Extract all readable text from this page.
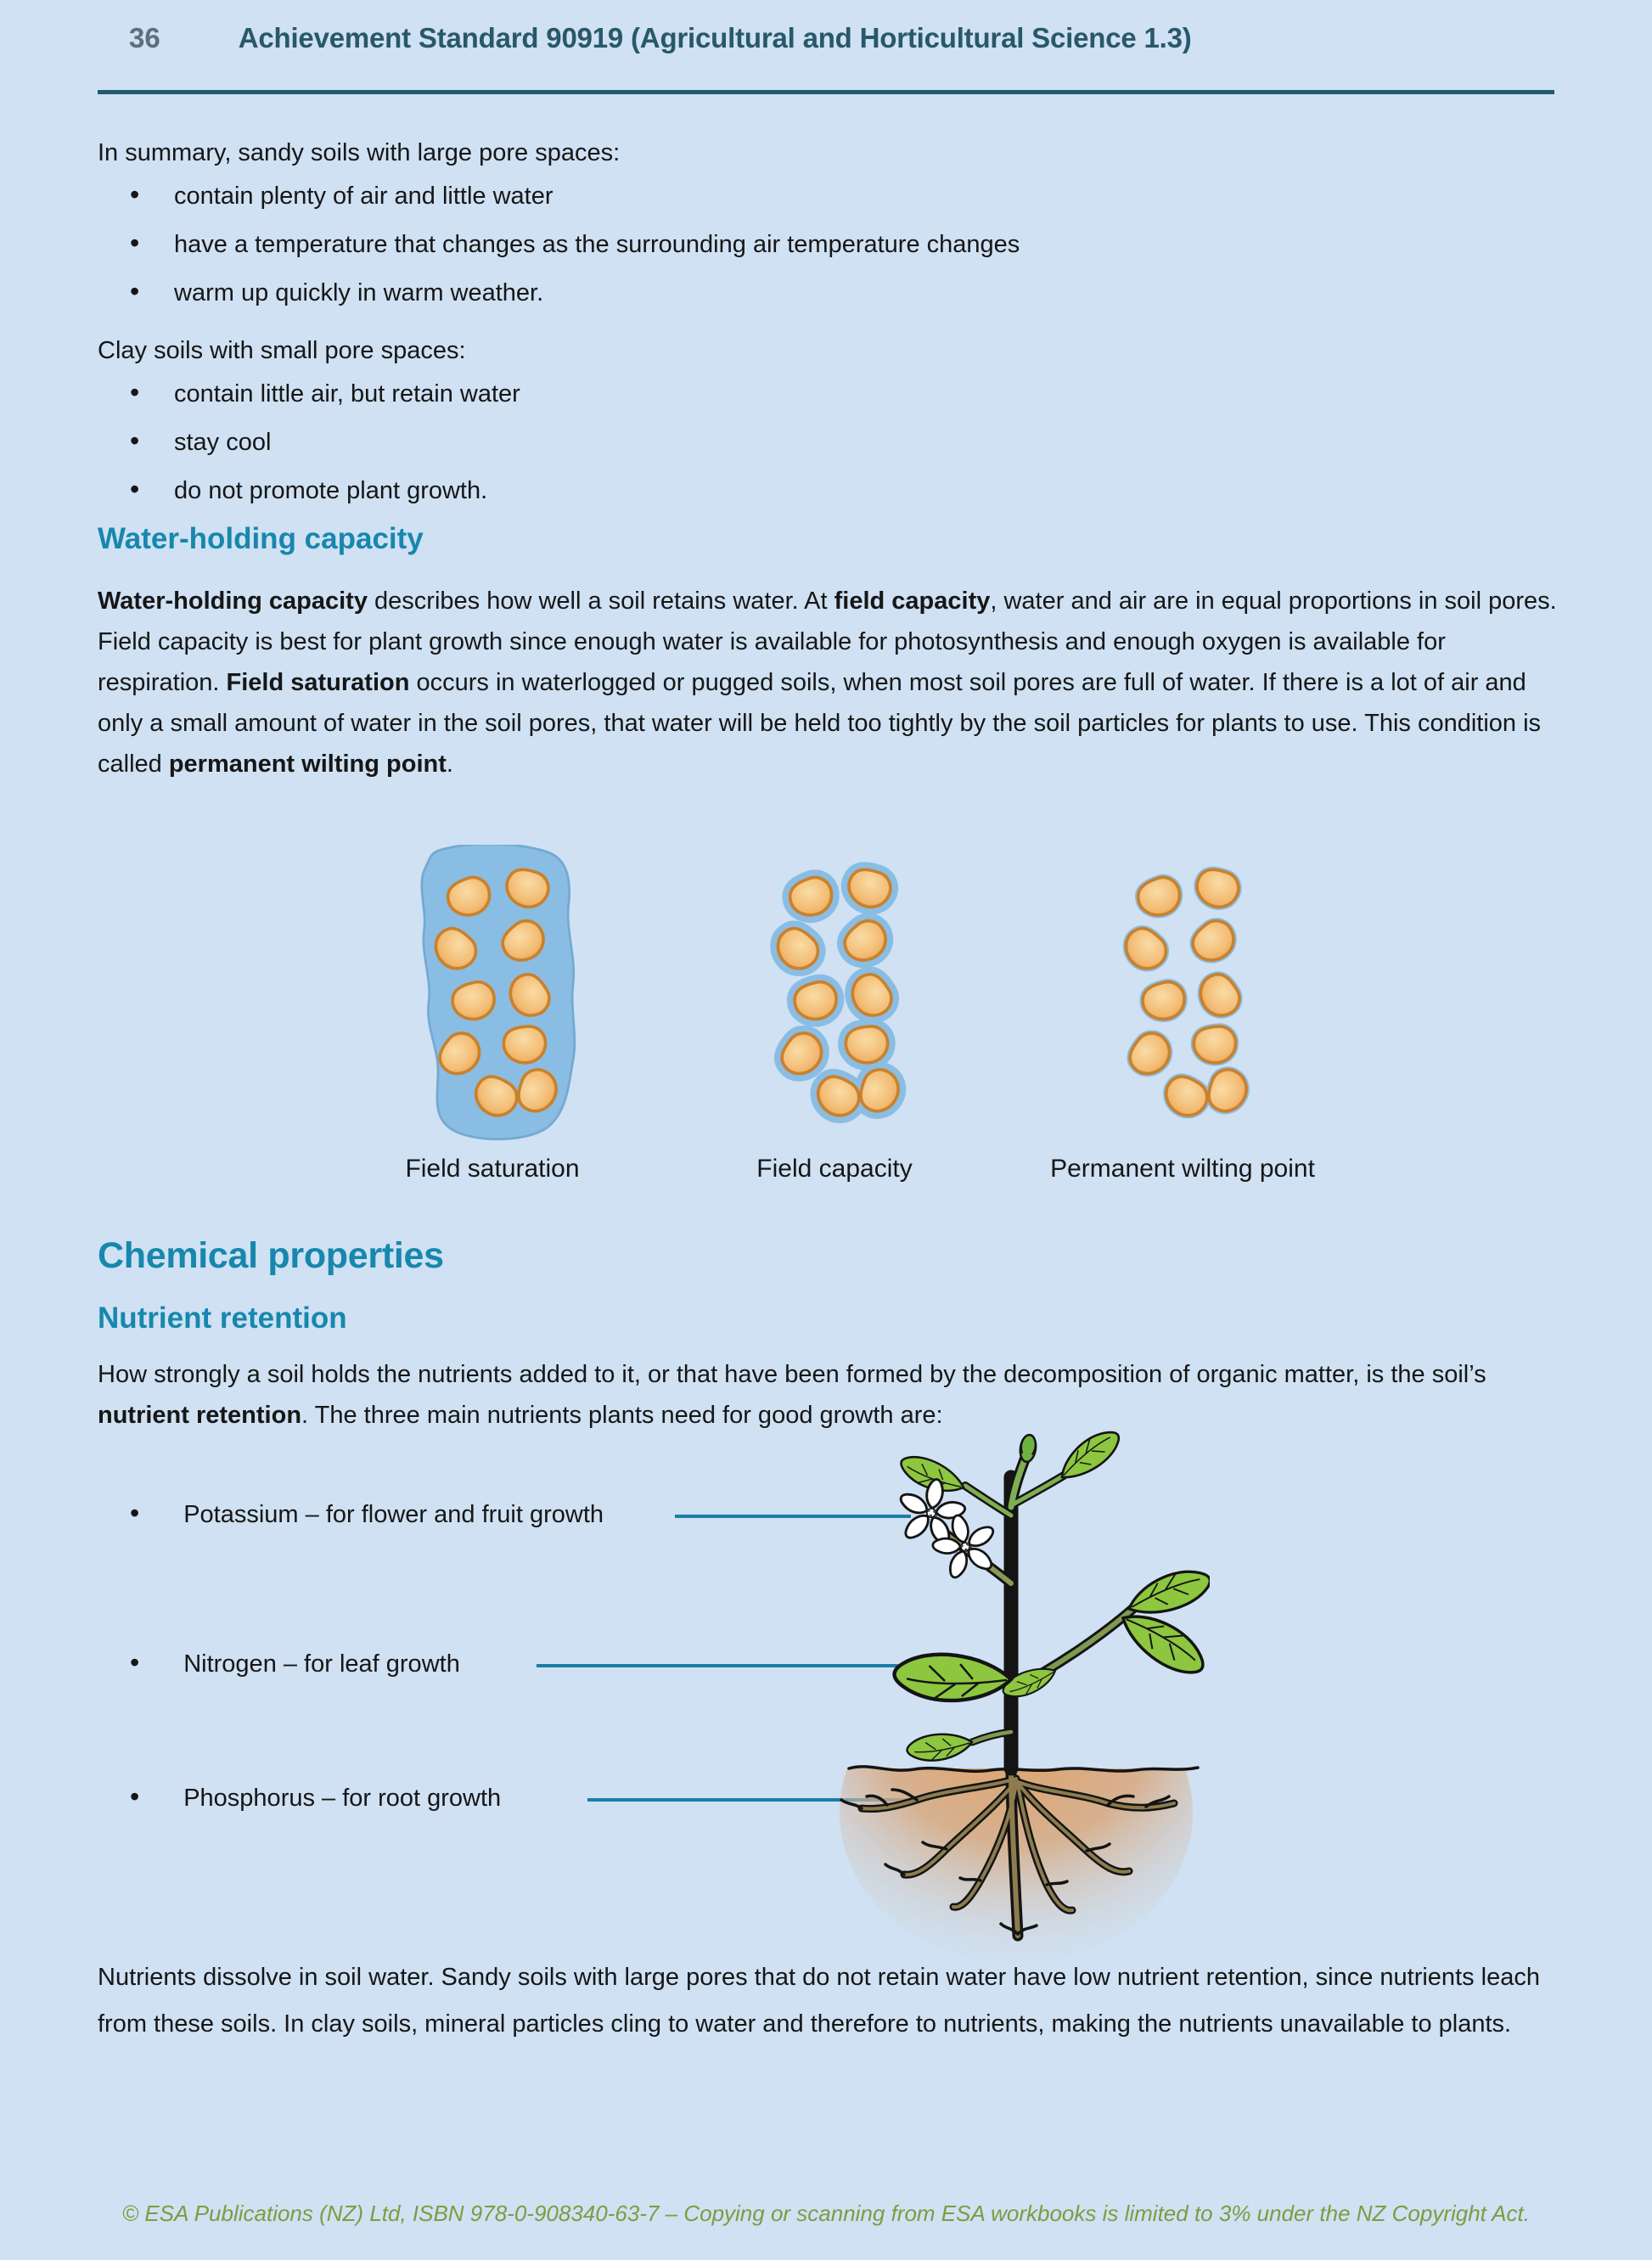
36	Achievement Standard 90919 (Agricultural and Horticultural Science 1.3)
In summary, sandy soils with large pore spaces:
• contain plenty of air and little water
• have a temperature that changes as the surrounding air temperature changes
• warm up quickly in warm weather.
Clay soils with small pore spaces:
• contain little air, but retain water
• stay cool
• do not promote plant growth.
Water-holding capacity
Water-holding capacity describes how well a soil retains water. At field capacity, water and air are in equal proportions in soil pores. Field capacity is best for plant growth since enough water is available for photosynthesis and enough oxygen is available for respiration. Field saturation occurs in waterlogged or pugged soils, when most soil pores are full of water. If there is a lot of air and only a small amount of water in the soil pores, that water will be held too tightly by the soil particles for plants to use. This condition is called permanent wilting point.
Field saturation	Field capacity	Permanent wilting point
Chemical properties
Nutrient retention
How strongly a soil holds the nutrients added to it, or that have been formed by the decomposition of organic matter, is the soil’s nutrient retention. The three main nutrients plants need for good growth are:
• Potassium – for flower and fruit growth
• Nitrogen – for leaf growth
• Phosphorus – for root growth
Nutrients dissolve in soil water. Sandy soils with large pores that do not retain water have low nutrient retention, since nutrients leach from these soils. In clay soils, mineral particles cling to water and therefore to nutrients, making the nutrients unavailable to plants.
© ESA Publications (NZ) Ltd, ISBN 978-0-908340-63-7 – Copying or scanning from ESA workbooks is limited to 3% under the NZ Copyright Act.
